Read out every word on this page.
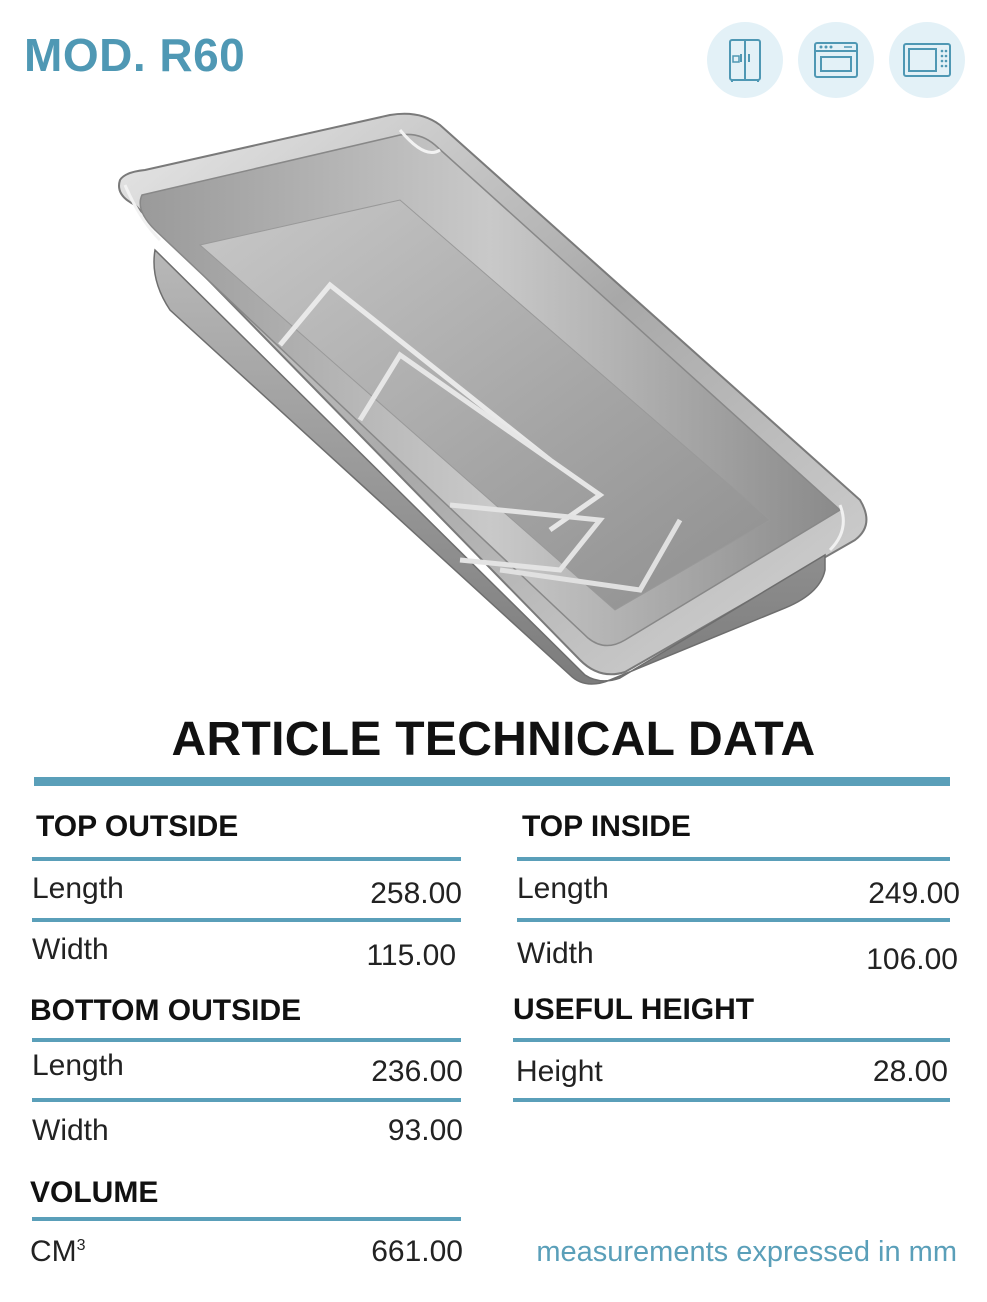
MOD. R60
ARTICLE TECHNICAL DATA
TOP OUTSIDE
Length	258.00
Width	115.00
TOP INSIDE
Length	249.00
Width	106.00
BOTTOM OUTSIDE
Length	236.00
Width	93.00
USEFUL HEIGHT
Height	28.00
VOLUME
$CM^3$	661.00	measurements expressed in mm
